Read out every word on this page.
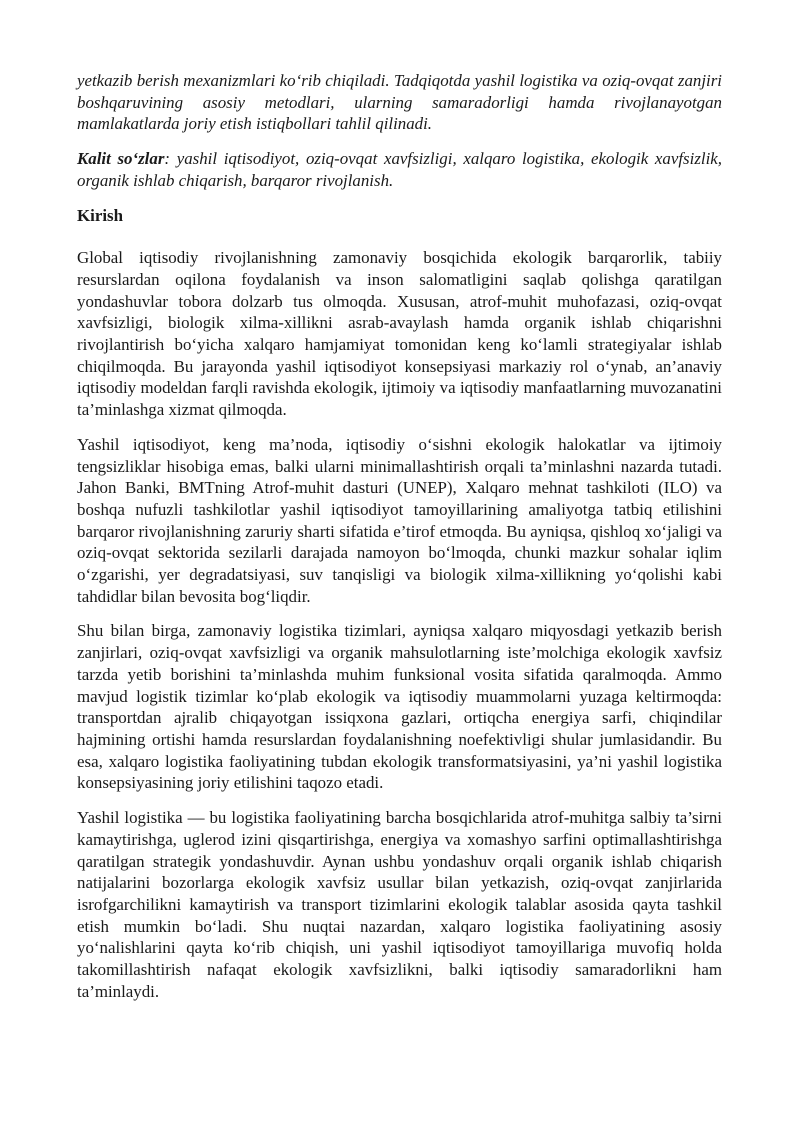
yetkazib berish mexanizmlari ko‘rib chiqiladi. Tadqiqotda yashil logistika va oziq-ovqat zanjiri boshqaruvining asosiy metodlari, ularning samaradorligi hamda rivojlanayotgan mamlakatlarda joriy etish istiqbollari tahlil qilinadi.

Kalit so‘zlar: yashil iqtisodiyot, oziq-ovqat xavfsizligi, xalqaro logistika, ekologik xavfsizlik, organik ishlab chiqarish, barqaror rivojlanish.

Kirish

Global iqtisodiy rivojlanishning zamonaviy bosqichida ekologik barqarorlik, tabiiy resurslardan oqilona foydalanish va inson salomatligini saqlab qolishga qaratilgan yondashuvlar tobora dolzarb tus olmoqda. Xususan, atrof-muhit muhofazasi, oziq-ovqat xavfsizligi, biologik xilma-xillikni asrab-avaylash hamda organik ishlab chiqarishni rivojlantirish bo‘yicha xalqaro hamjamiyat tomonidan keng ko‘lamli strategiyalar ishlab chiqilmoqda. Bu jarayonda yashil iqtisodiyot konsepsiyasi markaziy rol o‘ynab, an’anaviy iqtisodiy modeldan farqli ravishda ekologik, ijtimoiy va iqtisodiy manfaatlarning muvozanatini ta’minlashga xizmat qilmoqda.

Yashil iqtisodiyot, keng ma’noda, iqtisodiy o‘sishni ekologik halokatlar va ijtimoiy tengsizliklar hisobiga emas, balki ularni minimallashtirish orqali ta’minlashni nazarda tutadi. Jahon Banki, BMTning Atrof-muhit dasturi (UNEP), Xalqaro mehnat tashkiloti (ILO) va boshqa nufuzli tashkilotlar yashil iqtisodiyot tamoyillarining amaliyotga tatbiq etilishini barqaror rivojlanishning zaruriy sharti sifatida e’tirof etmoqda. Bu ayniqsa, qishloq xo‘jaligi va oziq-ovqat sektorida sezilarli darajada namoyon bo‘lmoqda, chunki mazkur sohalar iqlim o‘zgarishi, yer degradatsiyasi, suv tanqisligi va biologik xilma-xillikning yo‘qolishi kabi tahdidlar bilan bevosita bog‘liqdir.

Shu bilan birga, zamonaviy logistika tizimlari, ayniqsa xalqaro miqyosdagi yetkazib berish zanjirlari, oziq-ovqat xavfsizligi va organik mahsulotlarning iste’molchiga ekologik xavfsiz tarzda yetib borishini ta’minlashda muhim funksional vosita sifatida qaralmoqda. Ammo mavjud logistik tizimlar ko‘plab ekologik va iqtisodiy muammolarni yuzaga keltirmoqda: transportdan ajralib chiqayotgan issiqxona gazlari, ortiqcha energiya sarfi, chiqindilar hajmining ortishi hamda resurslardan foydalanishning noefektivligi shular jumlasidandir. Bu esa, xalqaro logistika faoliyatining tubdan ekologik transformatsiyasini, ya’ni yashil logistika konsepsiyasining joriy etilishini taqozo etadi.

Yashil logistika — bu logistika faoliyatining barcha bosqichlarida atrof-muhitga salbiy ta’sirni kamaytirishga, uglerod izini qisqartirishga, energiya va xomashyo sarfini optimallashtirishga qaratilgan strategik yondashuvdir. Aynan ushbu yondashuv orqali organik ishlab chiqarish natijalarini bozorlarga ekologik xavfsiz usullar bilan yetkazish, oziq-ovqat zanjirlarida isrofgarchilikni kamaytirish va transport tizimlarini ekologik talablar asosida qayta tashkil etish mumkin bo‘ladi. Shu nuqtai nazardan, xalqaro logistika faoliyatining asosiy yo‘nalishlarini qayta ko‘rib chiqish, uni yashil iqtisodiyot tamoyillariga muvofiq holda takomillashtirish nafaqat ekologik xavfsizlikni, balki iqtisodiy samaradorlikni ham ta’minlaydi.
